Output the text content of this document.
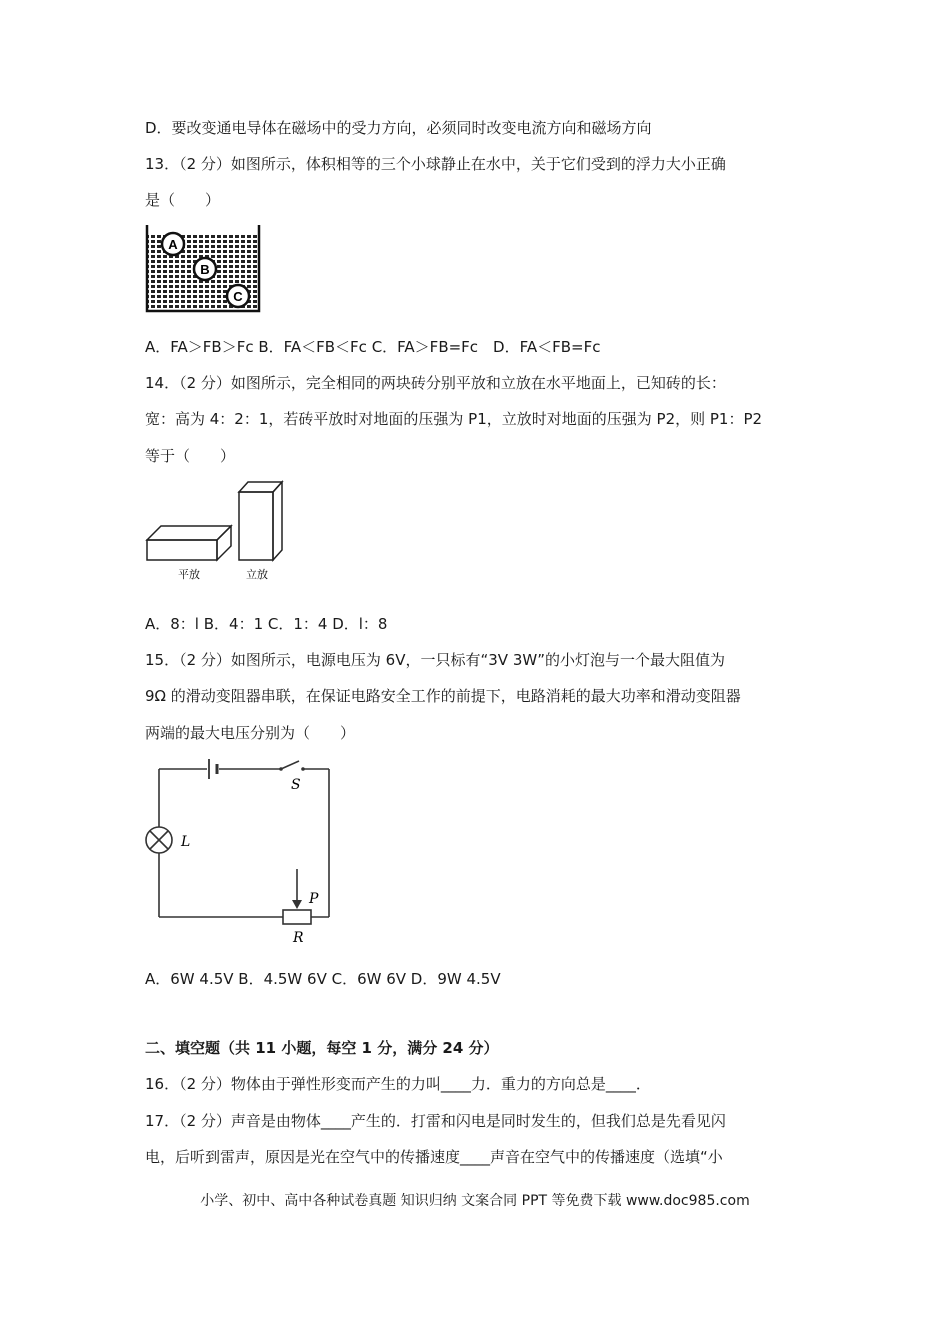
D．要改变通电导体在磁场中的受力方向，必须同时改变电流方向和磁场方向
13．（2 分）如图所示，体积相等的三个小球静止在水中，关于它们受到的浮力大小正确
是（　　）
A
B
C
A．FA＞FB＞Fc B．FA＜FB＜Fc C．FA＞FB=Fc　D．FA＜FB=Fc
14．（2 分）如图所示，完全相同的两块砖分别平放和立放在水平地面上，已知砖的长：
宽：高为 4：2：1，若砖平放时对地面的压强为 P1，立放时对地面的压强为 P2，则 P1：P2
等于（　　）
平放	立放
A．8：l B．4：1 C．1：4 D．l：8
15．（2 分）如图所示，电源电压为 6V，一只标有“3V 3W”的小灯泡与一个最大阻值为
9Ω 的滑动变阻器串联，在保证电路安全工作的前提下，电路消耗的最大功率和滑动变阻器
两端的最大电压分别为（　　）
S
L
P
R
A．6W 4.5V B．4.5W 6V C．6W 6V D．9W 4.5V
二、填空题（共 11 小题，每空 1 分，满分 24 分）
16．（2 分）物体由于弹性形变而产生的力叫____力．重力的方向总是____．
17．（2 分）声音是由物体____产生的．打雷和闪电是同时发生的，但我们总是先看见闪
电，后听到雷声，原因是光在空气中的传播速度____声音在空气中的传播速度（选填“小
小学、初中、高中各种试卷真题 知识归纳 文案合同 PPT 等免费下载 www.doc985.com
